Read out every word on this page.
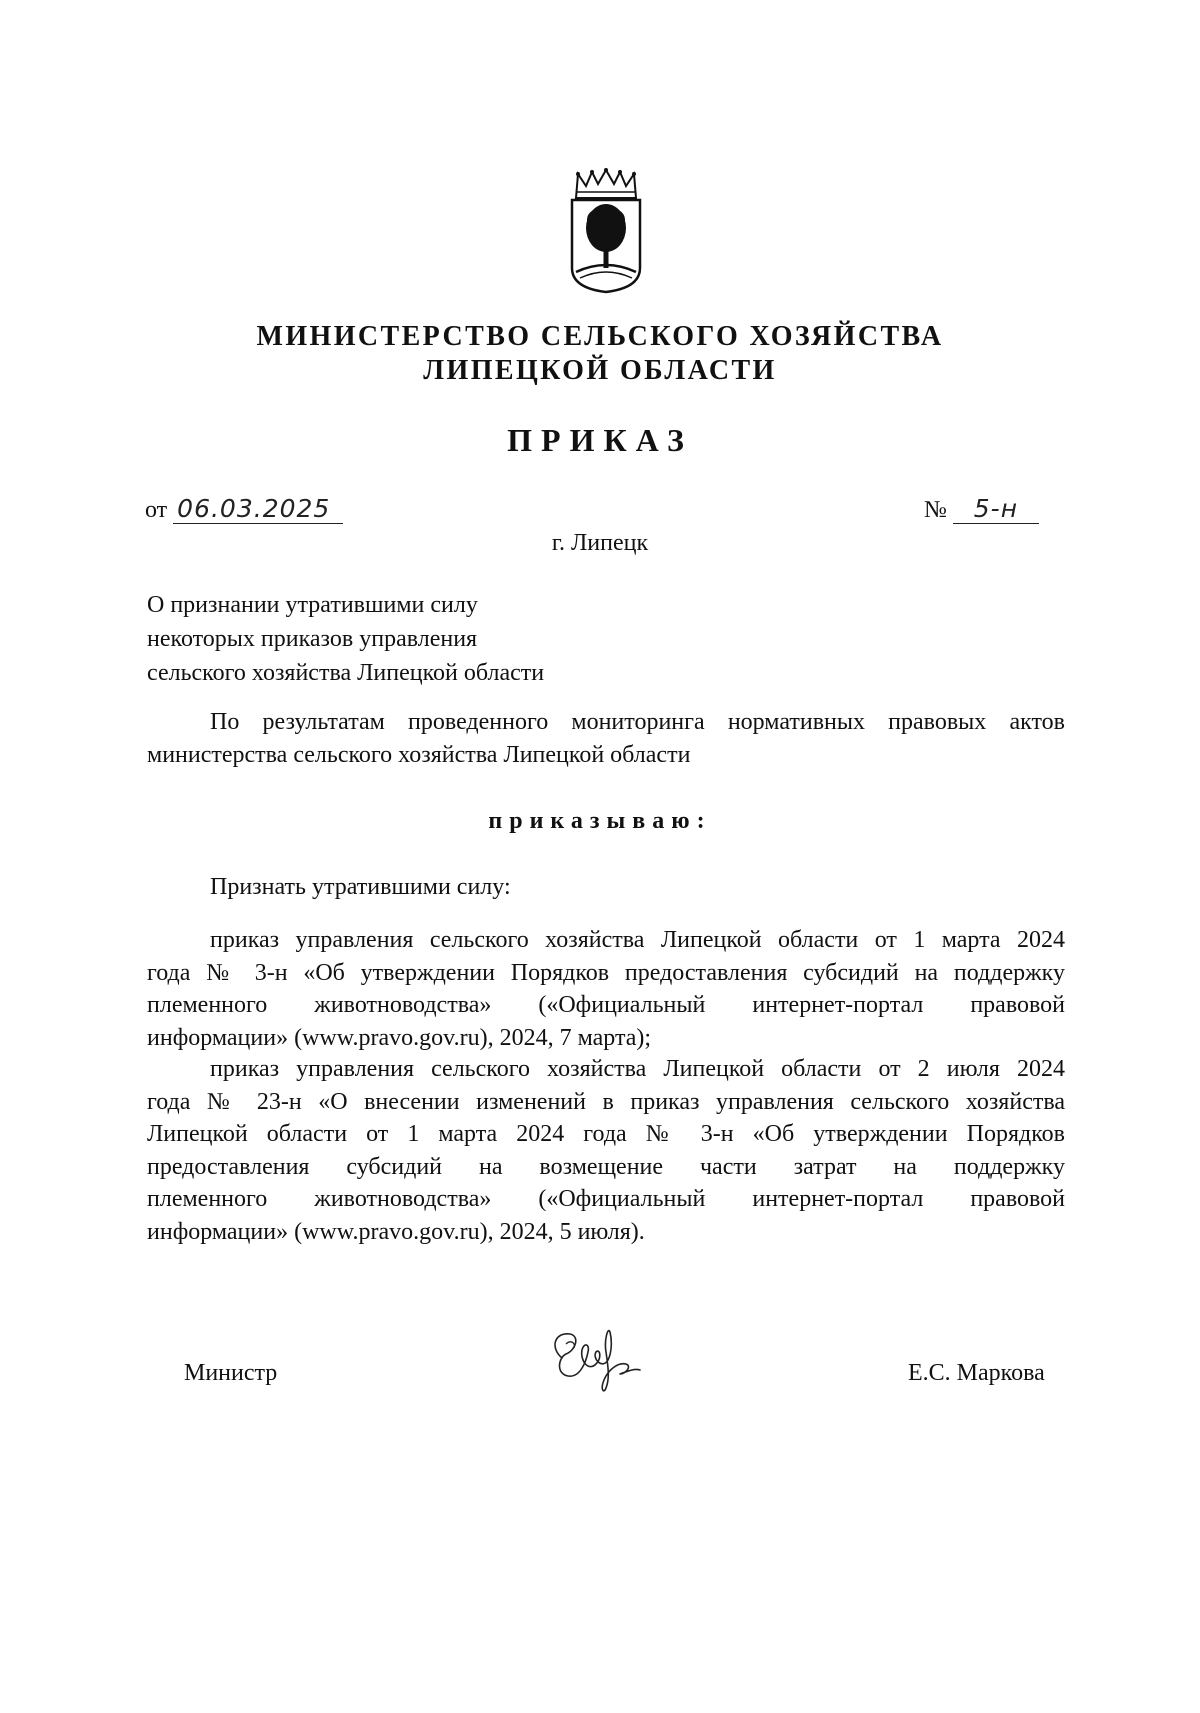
МИНИСТЕРСТВО СЕЛЬСКОГО ХОЗЯЙСТВА
ЛИПЕЦКОЙ ОБЛАСТИ
ПРИКАЗ
от 06.03.2025	№ 5-н
г. Липецк
О признании утратившими силу
некоторых приказов управления
сельского хозяйства Липецкой области
По результатам проведенного мониторинга нормативных правовых актов
министерства сельского хозяйства Липецкой области
приказываю:
Признать утратившими силу:
приказ управления сельского хозяйства Липецкой области от 1 марта 2024
года № 3-н «Об утверждении Порядков предоставления субсидий на поддержку
племенного животноводства» («Официальный интернет-портал правовой
информации» (www.pravo.gov.ru), 2024, 7 марта);
приказ управления сельского хозяйства Липецкой области от 2 июля 2024
года № 23-н «О внесении изменений в приказ управления сельского хозяйства
Липецкой области от 1 марта 2024 года № 3-н «Об утверждении Порядков
предоставления субсидий на возмещение части затрат на поддержку
племенного животноводства» («Официальный интернет-портал правовой
информации» (www.pravo.gov.ru), 2024, 5 июля).
Министр	Е.С. Маркова
